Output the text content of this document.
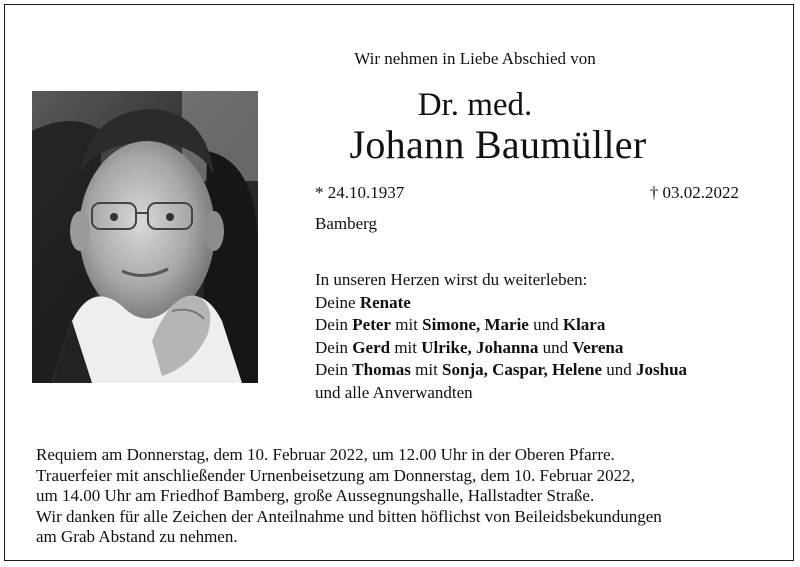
Wir nehmen in Liebe Abschied von
Dr. med.
Johann Baumüller
* 24.10.1937	† 03.02.2022
Bamberg
In unseren Herzen wirst du weiterleben:
Deine Renate
Dein Peter mit Simone, Marie und Klara
Dein Gerd mit Ulrike, Johanna und Verena
Dein Thomas mit Sonja, Caspar, Helene und Joshua
und alle Anverwandten
Requiem am Donnerstag, dem 10. Februar 2022, um 12.00 Uhr in der Oberen Pfarre.
Trauerfeier mit anschließender Urnenbeisetzung am Donnerstag, dem 10. Februar 2022,
um 14.00 Uhr am Friedhof Bamberg, große Aussegnungshalle, Hallstadter Straße.
Wir danken für alle Zeichen der Anteilnahme und bitten höflichst von Beileidsbekundungen
am Grab Abstand zu nehmen.
